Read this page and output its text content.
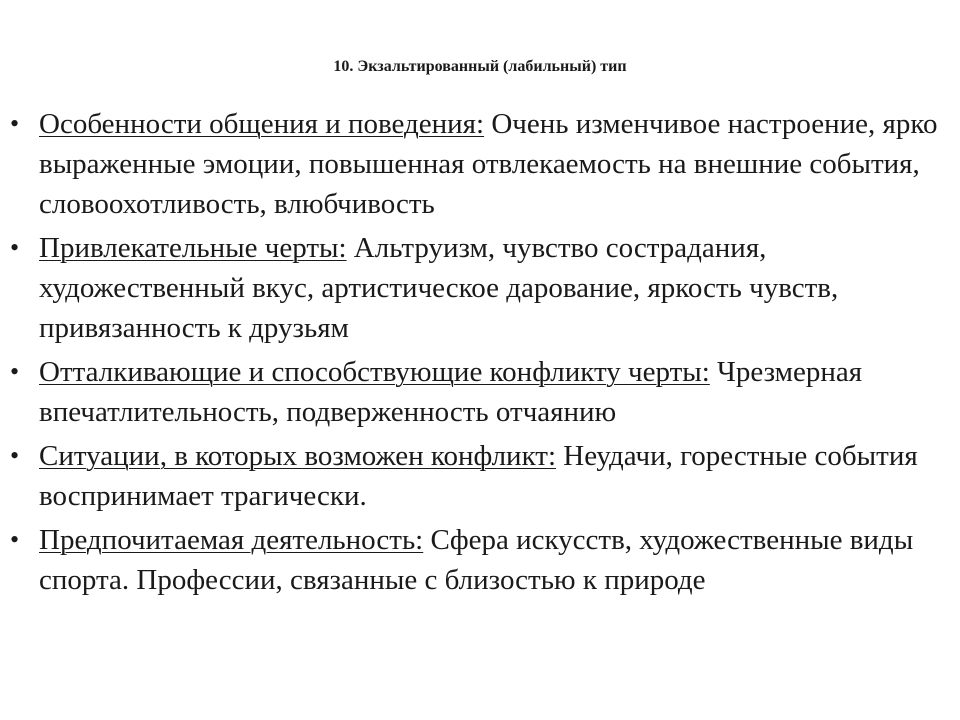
10. Экзальтированный (лабильный) тип
• Особенности общения и поведения: Очень изменчивое настроение, ярко выраженные эмоции, повышенная отвлекаемость на внешние события, словоохотливость, влюбчивость
• Привлекательные черты: Альтруизм, чувство сострадания, художественный вкус, артистическое дарование, яркость чувств, привязанность к друзьям
• Отталкивающие и способствующие конфликту черты: Чрезмерная впечатлительность, подверженность отчаянию
• Ситуации, в которых возможен конфликт: Неудачи, горестные события воспринимает трагически.
• Предпочитаемая деятельность: Сфера искусств, художественные виды спорта. Профессии, связанные с близостью к природе
